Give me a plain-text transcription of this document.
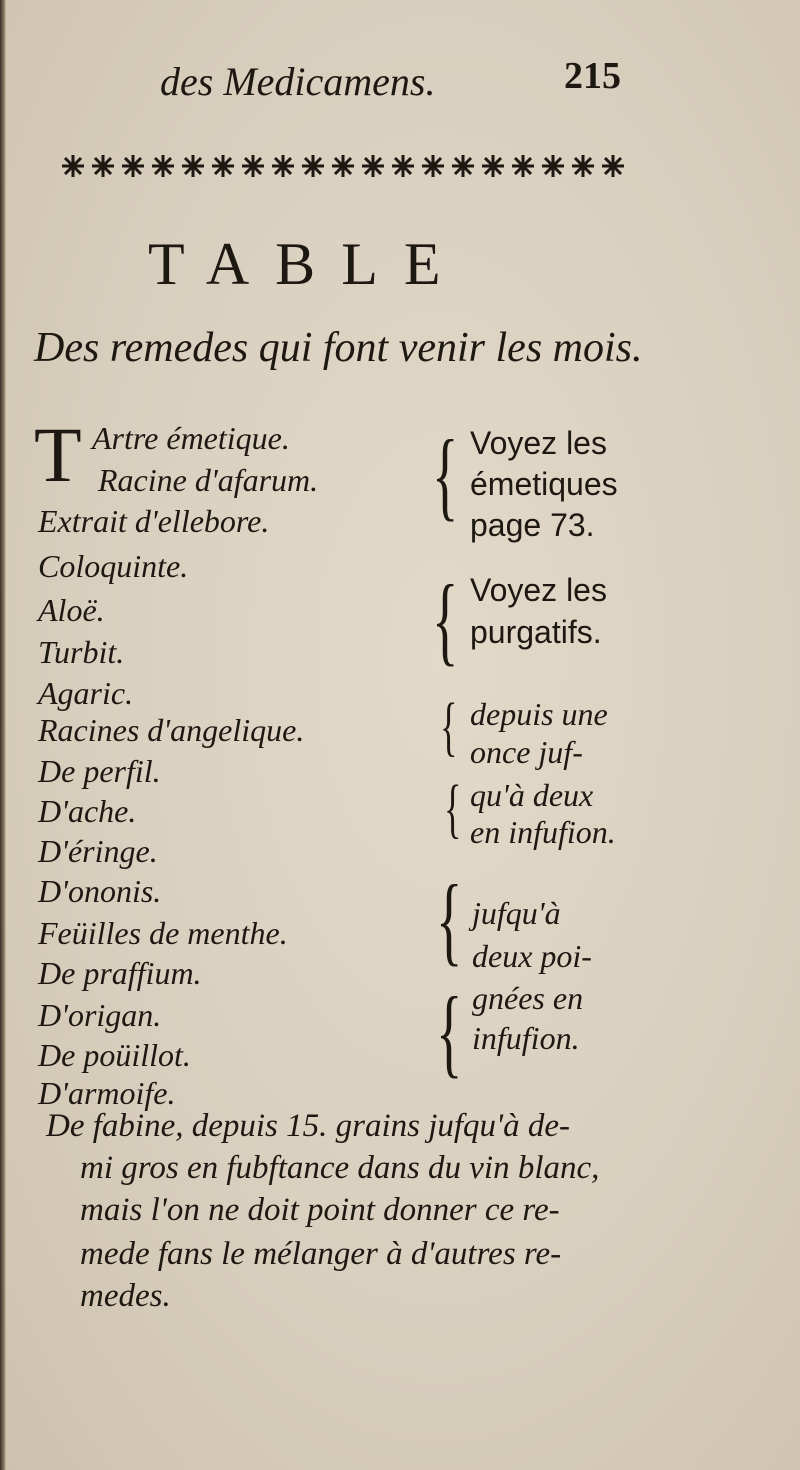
des Medicamens.	215
TABLE
Des remedes qui font venir les mois.
T Artre émetique.
Racine d'afarum.
Extrait d'ellebore.
Coloquinte.
Aloë.
Turbit.
Agaric.
Racines d'angelique.
De perfil.
D'ache.
D'éringe.
D'ononis.
Feüilles de menthe.
De praffium.
D'origan.
De poüillot.
D'armoife.
{ Voyez les
émetiques
page 73.
{ Voyez les
purgatifs.
{ depuis une
once juf-
{ qu'à deux
en infufion.
{
{
jufqu'à
deux poi-
gnées en
infufion.
De fabine, depuis 15. grains jufqu'à de-
mi gros en fubftance dans du vin blanc,
mais l'on ne doit point donner ce re-
mede fans le mélanger à d'autres re-
medes.
